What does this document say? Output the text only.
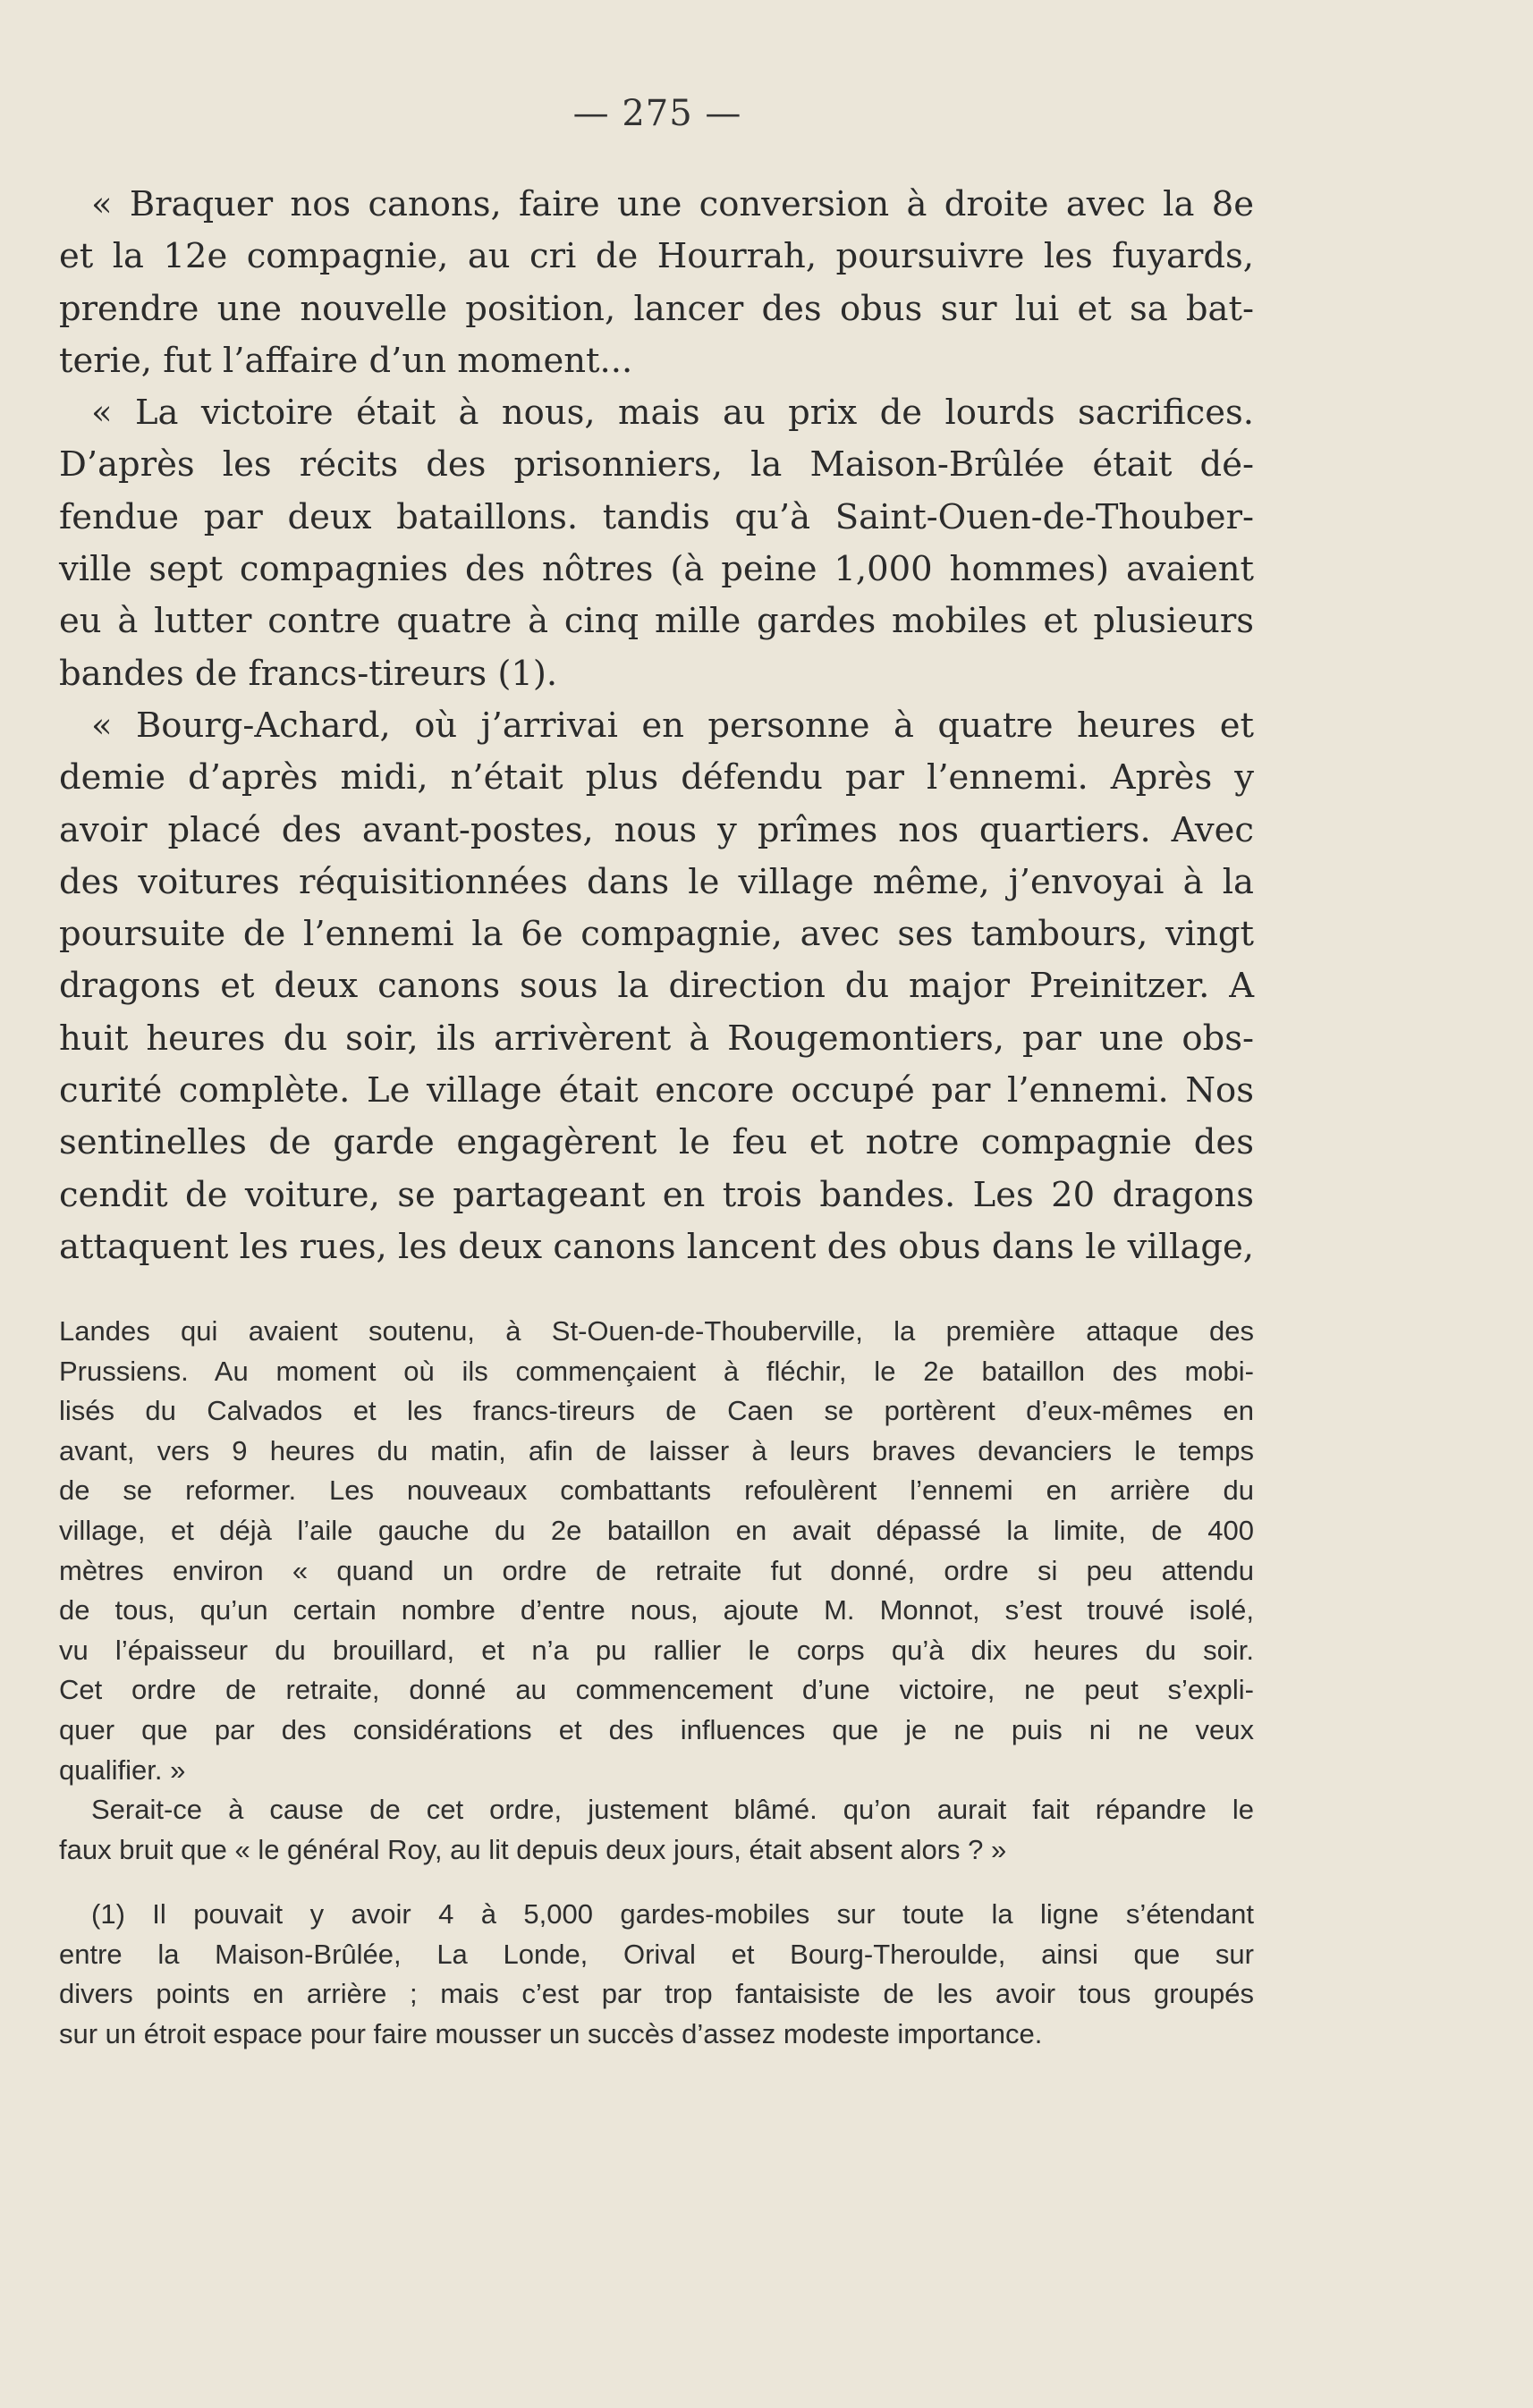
— 275 —
« Braquer nos canons, faire une conversion à droite avec la 8e
et la 12e compagnie, au cri de Hourrah, poursuivre les fuyards,
prendre une nouvelle position, lancer des obus sur lui et sa bat-
terie, fut l’affaire d’un moment...
« La victoire était à nous, mais au prix de lourds sacrifices.
D’après les récits des prisonniers, la Maison-Brûlée était dé-
fendue par deux bataillons. tandis qu’à Saint-Ouen-de-Thouber-
ville sept compagnies des nôtres (à peine 1,000 hommes) avaient
eu à lutter contre quatre à cinq mille gardes mobiles et plusieurs
bandes de francs-tireurs (1).
« Bourg-Achard, où j’arrivai en personne à quatre heures et
demie d’après midi, n’était plus défendu par l’ennemi. Après y
avoir placé des avant-postes, nous y prîmes nos quartiers. Avec
des voitures réquisitionnées dans le village même, j’envoyai à la
poursuite de l’ennemi la 6e compagnie, avec ses tambours, vingt
dragons et deux canons sous la direction du major Preinitzer. A
huit heures du soir, ils arrivèrent à Rougemontiers, par une obs-
curité complète. Le village était encore occupé par l’ennemi. Nos
sentinelles de garde engagèrent le feu et notre compagnie des
cendit de voiture, se partageant en trois bandes. Les 20 dragons
attaquent les rues, les deux canons lancent des obus dans le village,
Landes qui avaient soutenu, à St-Ouen-de-Thouberville, la première attaque des
Prussiens. Au moment où ils commençaient à fléchir, le 2e bataillon des mobi-
lisés du Calvados et les francs-tireurs de Caen se portèrent d’eux-mêmes en
avant, vers 9 heures du matin, afin de laisser à leurs braves devanciers le temps
de se reformer. Les nouveaux combattants refoulèrent l’ennemi en arrière du
village, et déjà l’aile gauche du 2e bataillon en avait dépassé la limite, de 400
mètres environ « quand un ordre de retraite fut donné, ordre si peu attendu
de tous, qu’un certain nombre d’entre nous, ajoute M. Monnot, s’est trouvé isolé,
vu l’épaisseur du brouillard, et n’a pu rallier le corps qu’à dix heures du soir.
Cet ordre de retraite, donné au commencement d’une victoire, ne peut s’expli-
quer que par des considérations et des influences que je ne puis ni ne veux
qualifier. »
Serait-ce à cause de cet ordre, justement blâmé. qu’on aurait fait répandre le
faux bruit que « le général Roy, au lit depuis deux jours, était absent alors ? »
(1) Il pouvait y avoir 4 à 5,000 gardes-mobiles sur toute la ligne s’étendant
entre la Maison-Brûlée, La Londe, Orival et Bourg-Theroulde, ainsi que sur
divers points en arrière ; mais c’est par trop fantaisiste de les avoir tous groupés
sur un étroit espace pour faire mousser un succès d’assez modeste importance.
